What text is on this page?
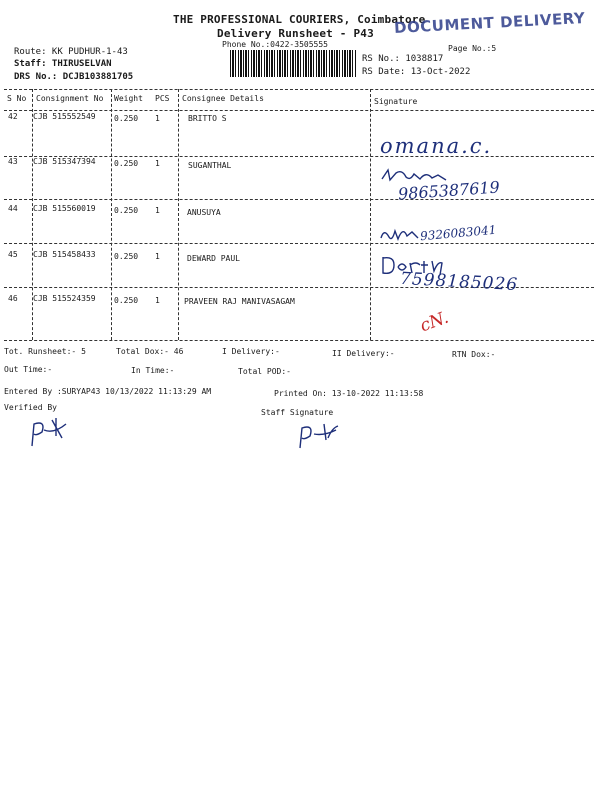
THE PROFESSIONAL COURIERS, Coimbatore
Delivery Runsheet - P43
Phone No.:0422-3505555
DOCUMENT DELIVERY
Page No.:5
Route: KK PUDHUR-1-43
Staff: THIRUSELVAN
DRS No.: DCJB103881705
RS No.: 1038817
RS Date: 13-Oct-2022
S No Consignment No Weight PCS Consignee Details	Signature
42 CJB 515552549 0.250 1	BRITTO S
omana.c.
43 CJB 515347394 0.250 1	SUGANTHAL
9865387619
44 CJB 515560019 0.250 1	ANUSUYA
9326083041
45 CJB 515458433 0.250 1	DEWARD PAUL
7598185026
46 CJB 515524359 0.250 1	PRAVEEN RAJ MANIVASAGAM
cN.
Tot. Runsheet:- 5	Total Dox:- 46	I Delivery:-	II Delivery:-	RTN Dox:-
Out Time:-	In Time:-	Total POD:-
Entered By :SURYAP43 10/13/2022 11:13:29 AM	Printed On: 13-10-2022 11:13:58
Verified By
Staff Signature
